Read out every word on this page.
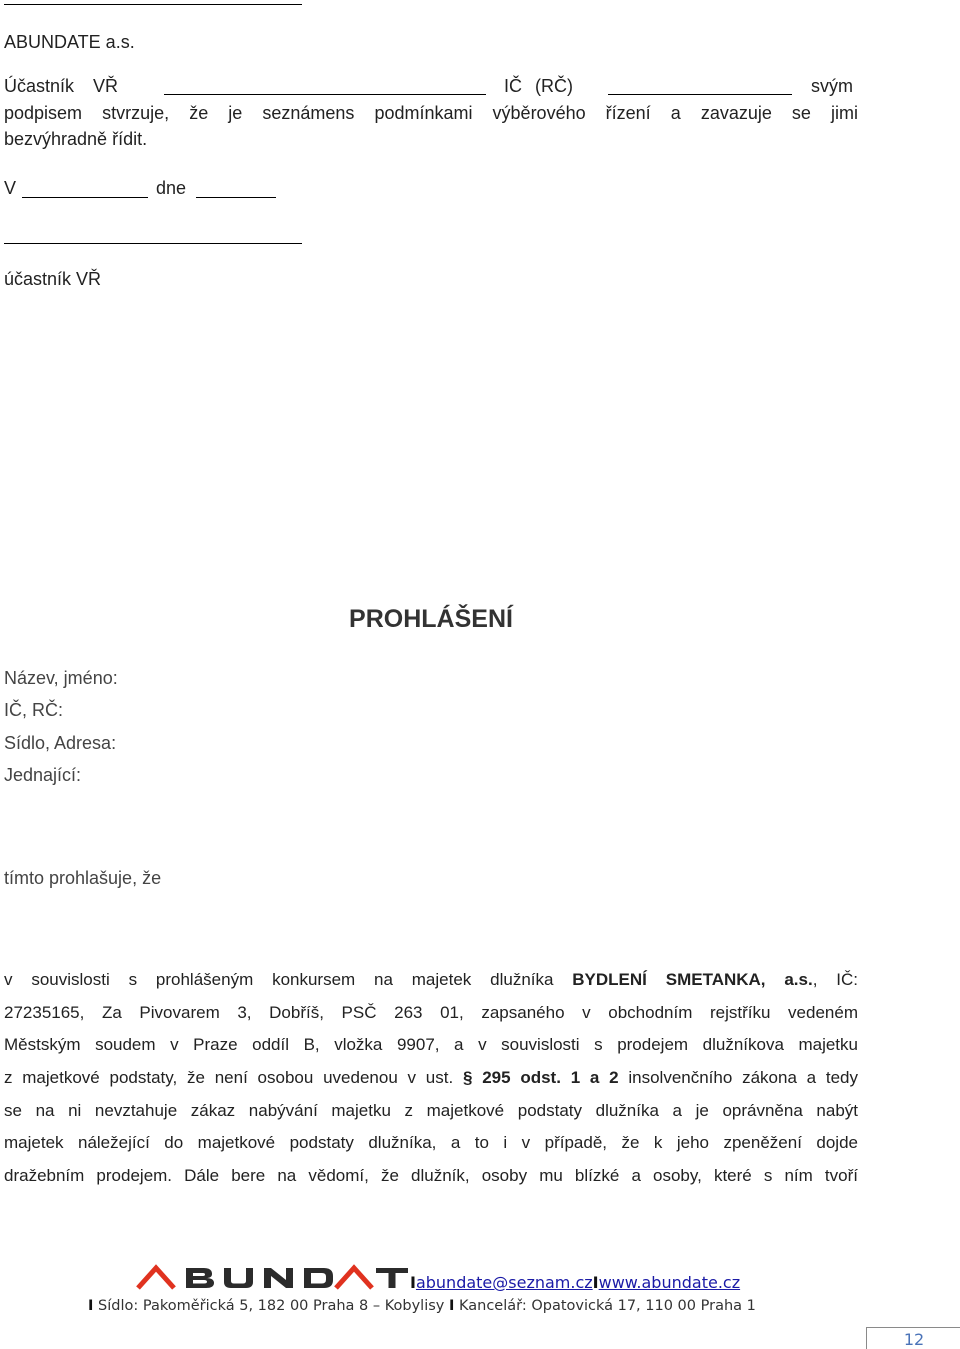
ABUNDATE a.s.
Účastník VŘ	IČ (RČ)	svým
podpisem stvrzuje, že je seznámens podmínkami výběrového řízení a zavazuje se jimi
bezvýhradně řídit.
V	dne
účastník VŘ
PROHLÁŠENÍ
Název, jméno:
IČ, RČ:
Sídlo, Adresa:
Jednající:
tímto prohlašuje, že
v souvislosti s prohlášeným konkursem na majetek dlužníka BYDLENÍ SMETANKA, a.s., IČ:
27235165, Za Pivovarem 3, Dobříš, PSČ 263 01, zapsaného v obchodním rejstříku vedeném
Městským soudem v Praze oddíl B, vložka 9907, a v souvislosti s prodejem dlužníkova majetku
z majetkové podstaty, že není osobou uvedenou v ust. § 295 odst. 1 a 2 insolvenčního zákona a tedy
se na ni nevztahuje zákaz nabývání majetku z majetkové podstaty dlužníka a je oprávněna nabýt
majetek náležející do majetkové podstaty dlužníka, a to i v případě, že k jeho zpeněžení dojde
dražebním prodejem. Dále bere na vědomí, že dlužník, osoby mu blízké a osoby, které s ním tvoří
Iabundate@seznam.czIwww.abundate.cz
I Sídlo: Pakoměřická 5, 182 00 Praha 8 – Kobylisy I Kancelář: Opatovická 17, 110 00 Praha 1
12
